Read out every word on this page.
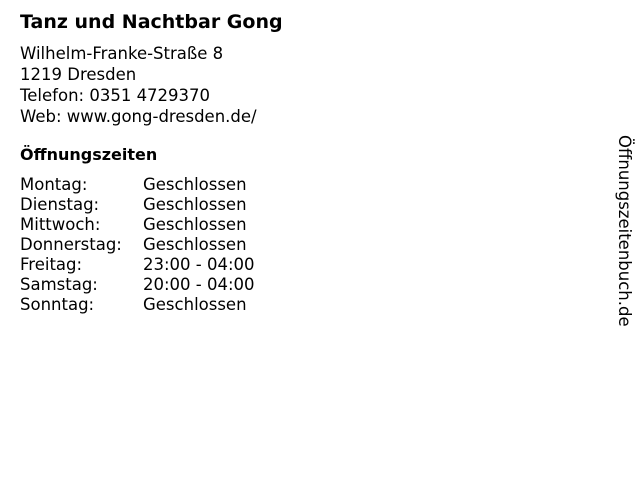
Tanz und Nachtbar Gong
Wilhelm-Franke-Straße 8
1219 Dresden
Telefon: 0351 4729370
Web: www.gong-dresden.de/
Öffnungszeiten
Montag:	Geschlossen
Dienstag:	Geschlossen
Mittwoch:	Geschlossen
Donnerstag:	Geschlossen
Freitag:	23:00 - 04:00
Samstag:	20:00 - 04:00
Sonntag:	Geschlossen	Öffnungszeitenbuch.de
